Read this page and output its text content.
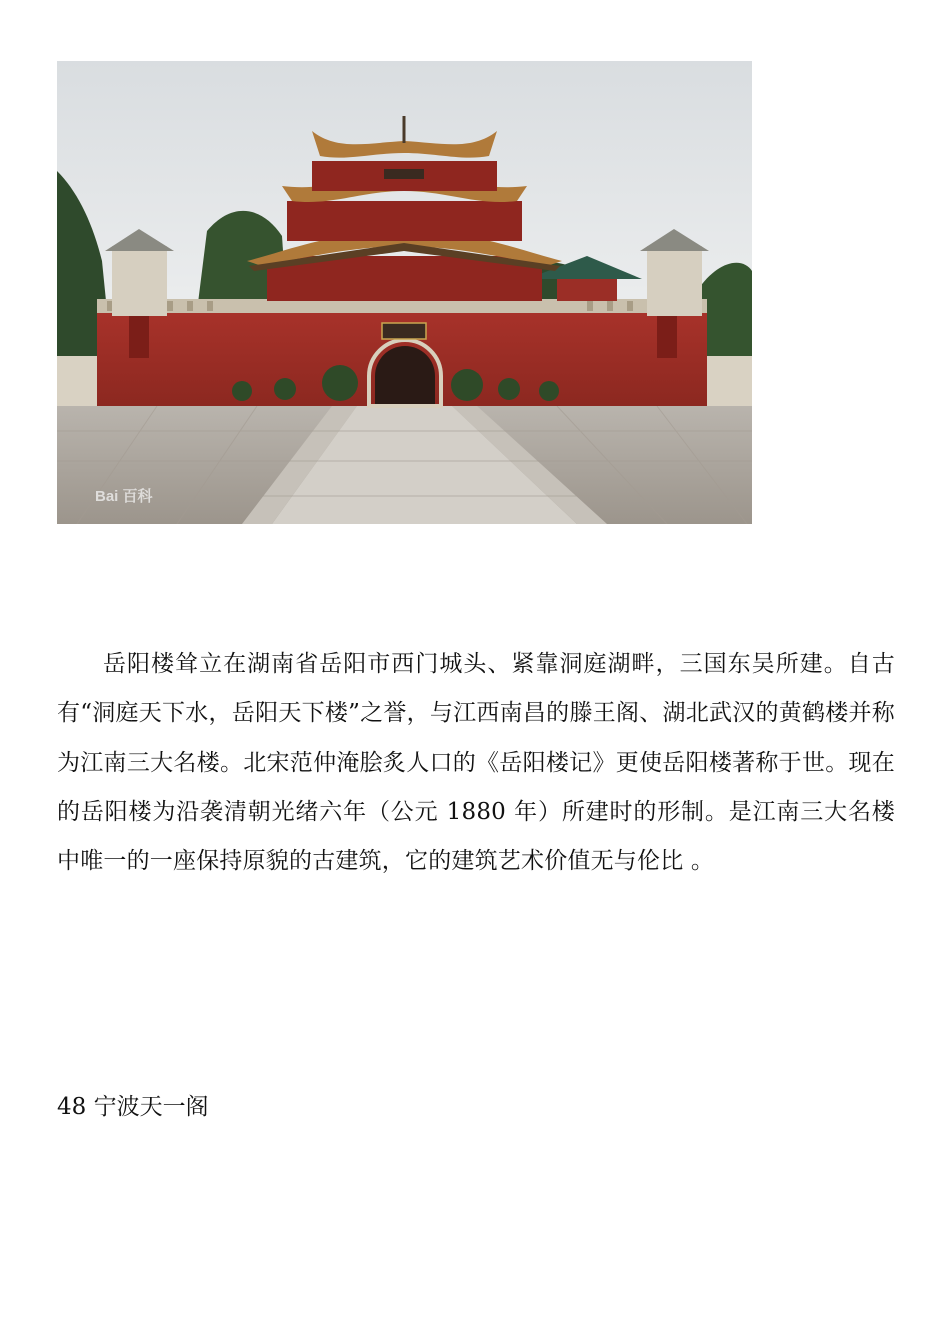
Bai 百科

岳阳楼耸立在湖南省岳阳市西门城头、紧靠洞庭湖畔，三国东吴所建。自古有“洞庭天下水，岳阳天下楼”之誉，与江西南昌的滕王阁、湖北武汉的黄鹤楼并称为江南三大名楼。北宋范仲淹脍炙人口的《岳阳楼记》更使岳阳楼著称于世。现在的岳阳楼为沿袭清朝光绪六年（公元 1880 年）所建时的形制。是江南三大名楼中唯一的一座保持原貌的古建筑，它的建筑艺术价值无与伦比 。

48 宁波天一阁
